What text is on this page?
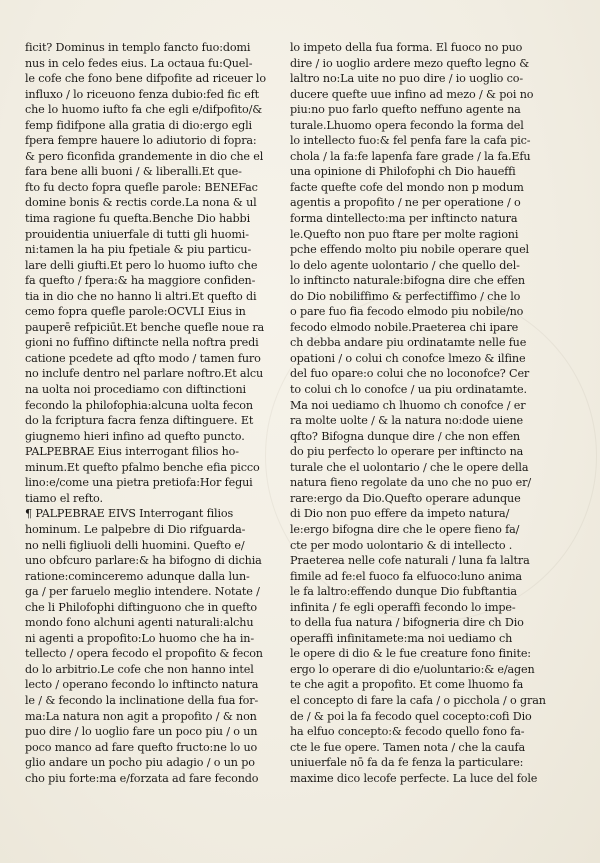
ficit? Dominus in templo fancto fuo:domi
nus in celo fedes eius. La octaua fu:Quel-
le cofe che fono bene difpofite ad riceuer lo
influxo / lo riceuono fenza dubio:fed fic eft
che lo huomo iufto fa che egli e/difpofito/&
femp fidifpone alla gratia di dio:ergo egli
fpera fempre hauere lo adiutorio di fopra:
& pero ficonfida grandemente in dio che el
fara bene alli buoni / & liberalli.Et que-
fto fu decto fopra quefle parole: BENEFac
domine bonis & rectis corde.La nona & ul
tima ragione fu quefta.Benche Dio habbi
prouidentia uniuerfale di tutti gli huomi-
ni:tamen la ha piu fpetiale & piu particu-
lare delli giufti.Et pero lo huomo iufto che
fa quefto / fpera:& ha maggiore confiden-
tia in dio che no hanno li altri.Et quefto di
cemo fopra quefle parole:OCVLI Eius in
pauperē refpiciūt.Et benche quefle noue ra
gioni no fuffino diftincte nella noftra predi
catione pcedete ad qfto modo / tamen furo
no inclufe dentro nel parlare noftro.Et alcu
na uolta noi procediamo con diftinctioni
fecondo la philofophia:alcuna uolta fecon
do la fcriptura facra fenza diftinguere. Et
giugnemo hieri infino ad quefto puncto.
PALPEBRAE Eius interrogant filios ho-
minum.Et quefto pfalmo benche efia picco
lino:e/come una pietra pretiofa:Hor fegui
tiamo el refto.
¶ PALPEBRAE EIVS Interrogant filios
hominum. Le palpebre di Dio rifguarda-
no nelli figliuoli delli huomini. Quefto e/
uno obfcuro parlare:& ha bifogno di dichia
ratione:cominceremo adunque dalla lun-
ga / per faruelo meglio intendere. Notate /
che li Philofophi diftinguono che in quefto
mondo fono alchuni agenti naturali:alchu
ni agenti a propofito:Lo huomo che ha in-
tellecto / opera fecodo el propofito & fecon
do lo arbitrio.Le cofe che non hanno intel
lecto / operano fecondo lo inftincto natura
le / & fecondo la inclinatione della fua for-
ma:La natura non agit a propofito / & non
puo dire / lo uoglio fare un poco piu / o un
poco manco ad fare quefto fructo:ne lo uo
glio andare un pocho piu adagio / o un po
cho piu forte:ma e/forzata ad fare fecondo
lo impeto della fua forma. El fuoco no puo
dire / io uoglio ardere mezo quefto legno &
laltro no:La uite no puo dire / io uoglio co-
ducere quefte uue infino ad mezo / & poi no
piu:no puo farlo quefto neffuno agente na
turale.Lhuomo opera fecondo la forma del
lo intellecto fuo:& fel penfa fare la cafa pic-
chola / la fa:fe lapenfa fare grade / la fa.Efu
una opinione di Philofophi ch Dio haueffi
facte quefte cofe del mondo non p modum
agentis a propofito / ne per operatione / o
forma dintellecto:ma per inftincto natura
le.Quefto non puo ftare per molte ragioni
pche effendo molto piu nobile operare quel
lo delo agente uolontario / che quello del-
lo inftincto naturale:bifogna dire che effen
do Dio nobiliffimo & perfectiffimo / che lo
o pare fuo fia fecodo elmodo piu nobile/no
fecodo elmodo nobile.Praeterea chi ipare
ch debba andare piu ordinatamte nelle fue
opationi / o colui ch conofce lmezo & ilfine
del fuo opare:o colui che no loconofce? Cer
to colui ch lo conofce / ua piu ordinatamte.
Ma noi uediamo ch lhuomo ch conofce / er
ra molte uolte / & la natura no:dode uiene
qfto? Bifogna dunque dire / che non effen
do piu perfecto lo operare per inftincto na
turale che el uolontario / che le opere della
natura fieno regolate da uno che no puo er/
rare:ergo da Dio.Quefto operare adunque
di Dio non puo effere da impeto natura/
le:ergo bifogna dire che le opere fieno fa/
cte per modo uolontario & di intellecto .
Praeterea nelle cofe naturali / luna fa laltra
fimile ad fe:el fuoco fa elfuoco:luno anima
le fa laltro:effendo dunque Dio fubftantia
infinita / fe egli operaffi fecondo lo impe-
to della fua natura / bifogneria dire ch Dio
operaffi infinitamete:ma noi uediamo ch
le opere di dio & le fue creature fono finite:
ergo lo operare di dio e/uoluntario:& e/agen
te che agit a propofito. Et come lhuomo fa
el concepto di fare la cafa / o picchola / o gran
de / & poi la fa fecodo quel cocepto:cofi Dio
ha elfuo concepto:& fecodo quello fono fa-
cte le fue opere. Tamen nota / che la caufa
uniuerfale nō fa da fe fenza la particulare:
maxime dico lecofe perfecte. La luce del fole
